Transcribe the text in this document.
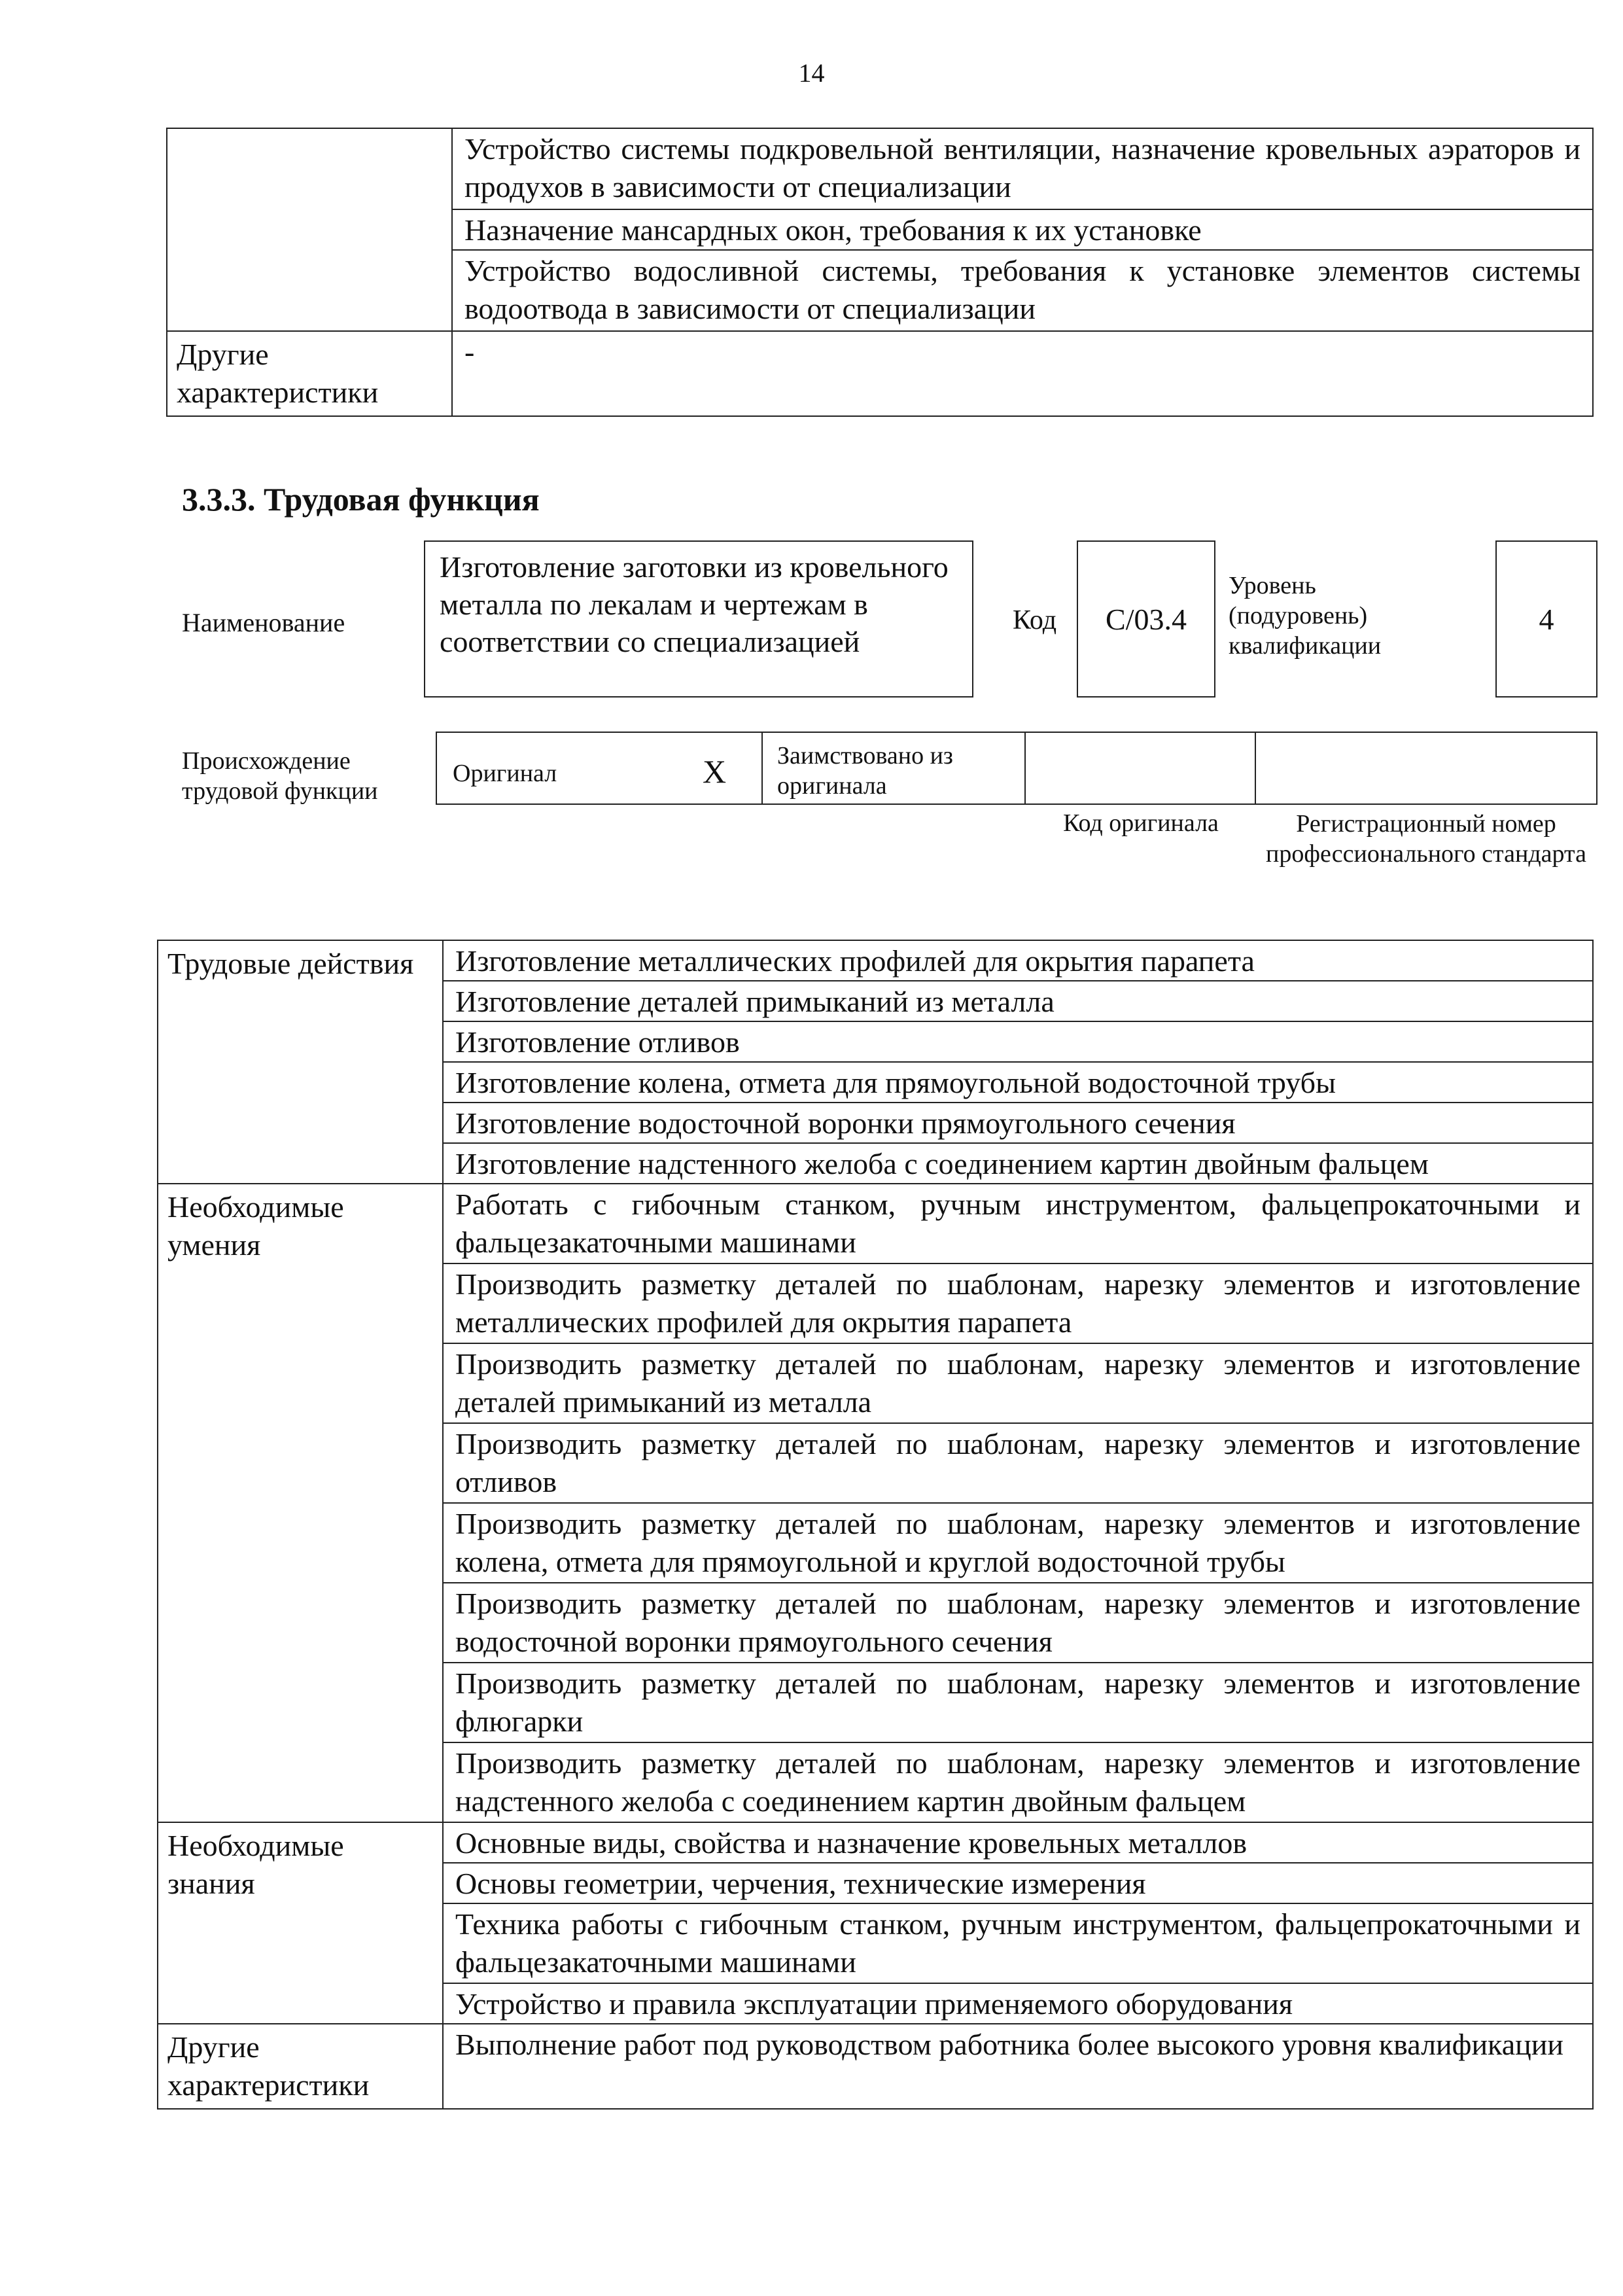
14
	Устройство системы подкровельной вентиляции, назначение кровельных аэраторов и продухов в зависимости от специализации
	Назначение мансардных окон, требования к их установке
	Устройство водосливной системы, требования к установке элементов системы водоотвода в зависимости от специализации
Другие характеристики	-
3.3.3. Трудовая функция
Наименование
Изготовление заготовки из кровельного металла по лекалам и чертежам в соответствии со специализацией
Код	С/03.4
Уровень (подуровень) квалификации
4
Происхождение трудовой функции
Оригинал	Х Заимствовано из оригинала
Код оригинала	Регистрационный номер профессионального стандарта
Трудовые действия	Изготовление металлических профилей для окрытия парапета
	Изготовление деталей примыканий из металла
	Изготовление отливов
	Изготовление колена, отмета для прямоугольной водосточной трубы
	Изготовление водосточной воронки прямоугольного сечения
	Изготовление надстенного желоба с соединением картин двойным фальцем
Необходимые умения	Работать с гибочным станком, ручным инструментом, фальцепрокаточными и фальцезакаточными машинами
	Производить разметку деталей по шаблонам, нарезку элементов и изготовление металлических профилей для окрытия парапета
	Производить разметку деталей по шаблонам, нарезку элементов и изготовление деталей примыканий из металла
	Производить разметку деталей по шаблонам, нарезку элементов и изготовление отливов
	Производить разметку деталей по шаблонам, нарезку элементов и изготовление колена, отмета для прямоугольной и круглой водосточной трубы
	Производить разметку деталей по шаблонам, нарезку элементов и изготовление водосточной воронки прямоугольного сечения
	Производить разметку деталей по шаблонам, нарезку элементов и изготовление флюгарки
	Производить разметку деталей по шаблонам, нарезку элементов и изготовление надстенного желоба с соединением картин двойным фальцем
Необходимые знания	Основные виды, свойства и назначение кровельных металлов
	Основы геометрии, черчения, технические измерения
	Техника работы с гибочным станком, ручным инструментом, фальцепрокаточными и фальцезакаточными машинами
	Устройство и правила эксплуатации применяемого оборудования
Другие характеристики	Выполнение работ под руководством работника более высокого уровня квалификации
